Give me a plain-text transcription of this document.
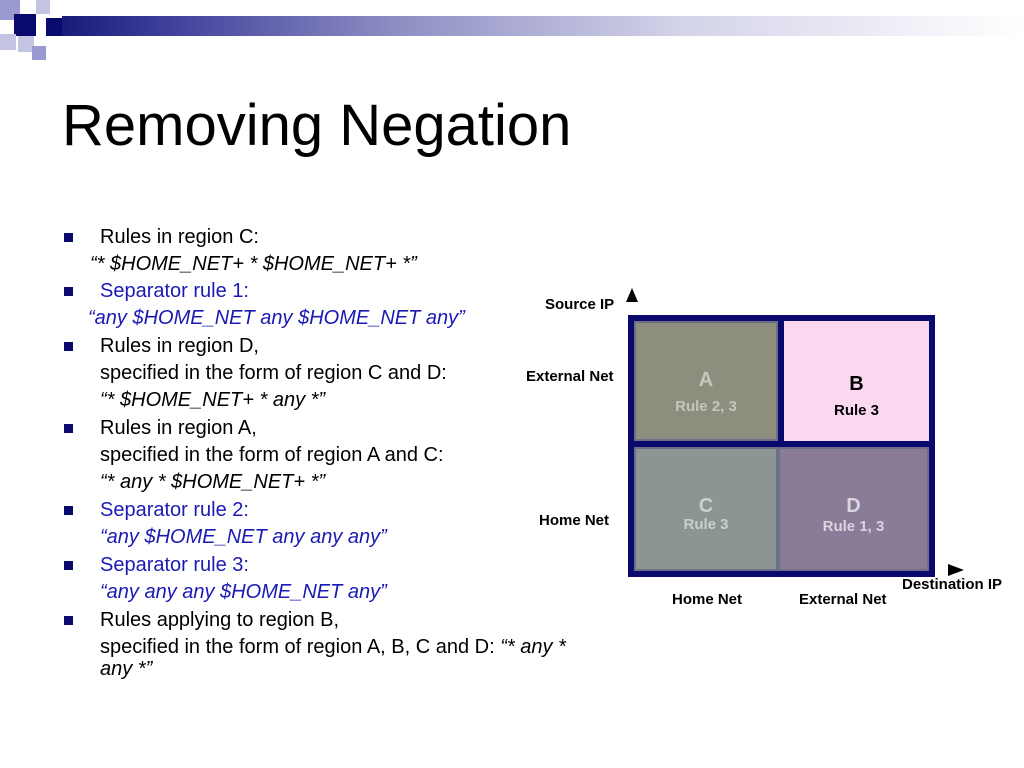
Removing Negation
Rules in region C:
“* $HOME_NET+ * $HOME_NET+ *”
Separator rule 1:
“any $HOME_NET any $HOME_NET any”
Rules in region D,
specified in the form of region C and D:
“* $HOME_NET+ * any *”
Rules in region A,
specified in the form of region A and C:
“* any * $HOME_NET+ *”
Separator rule 2:
“any $HOME_NET any any any”
Separator rule 3:
“any any any $HOME_NET any”
Rules applying to region B,
specified in the form of region A, B, C and D: “* any *
any *”
Source IP
External Net
Home Net
A
Rule 2, 3
B
Rule 3
C
Rule 3
D
Rule 1, 3
Destination IP
Home Net	External Net
